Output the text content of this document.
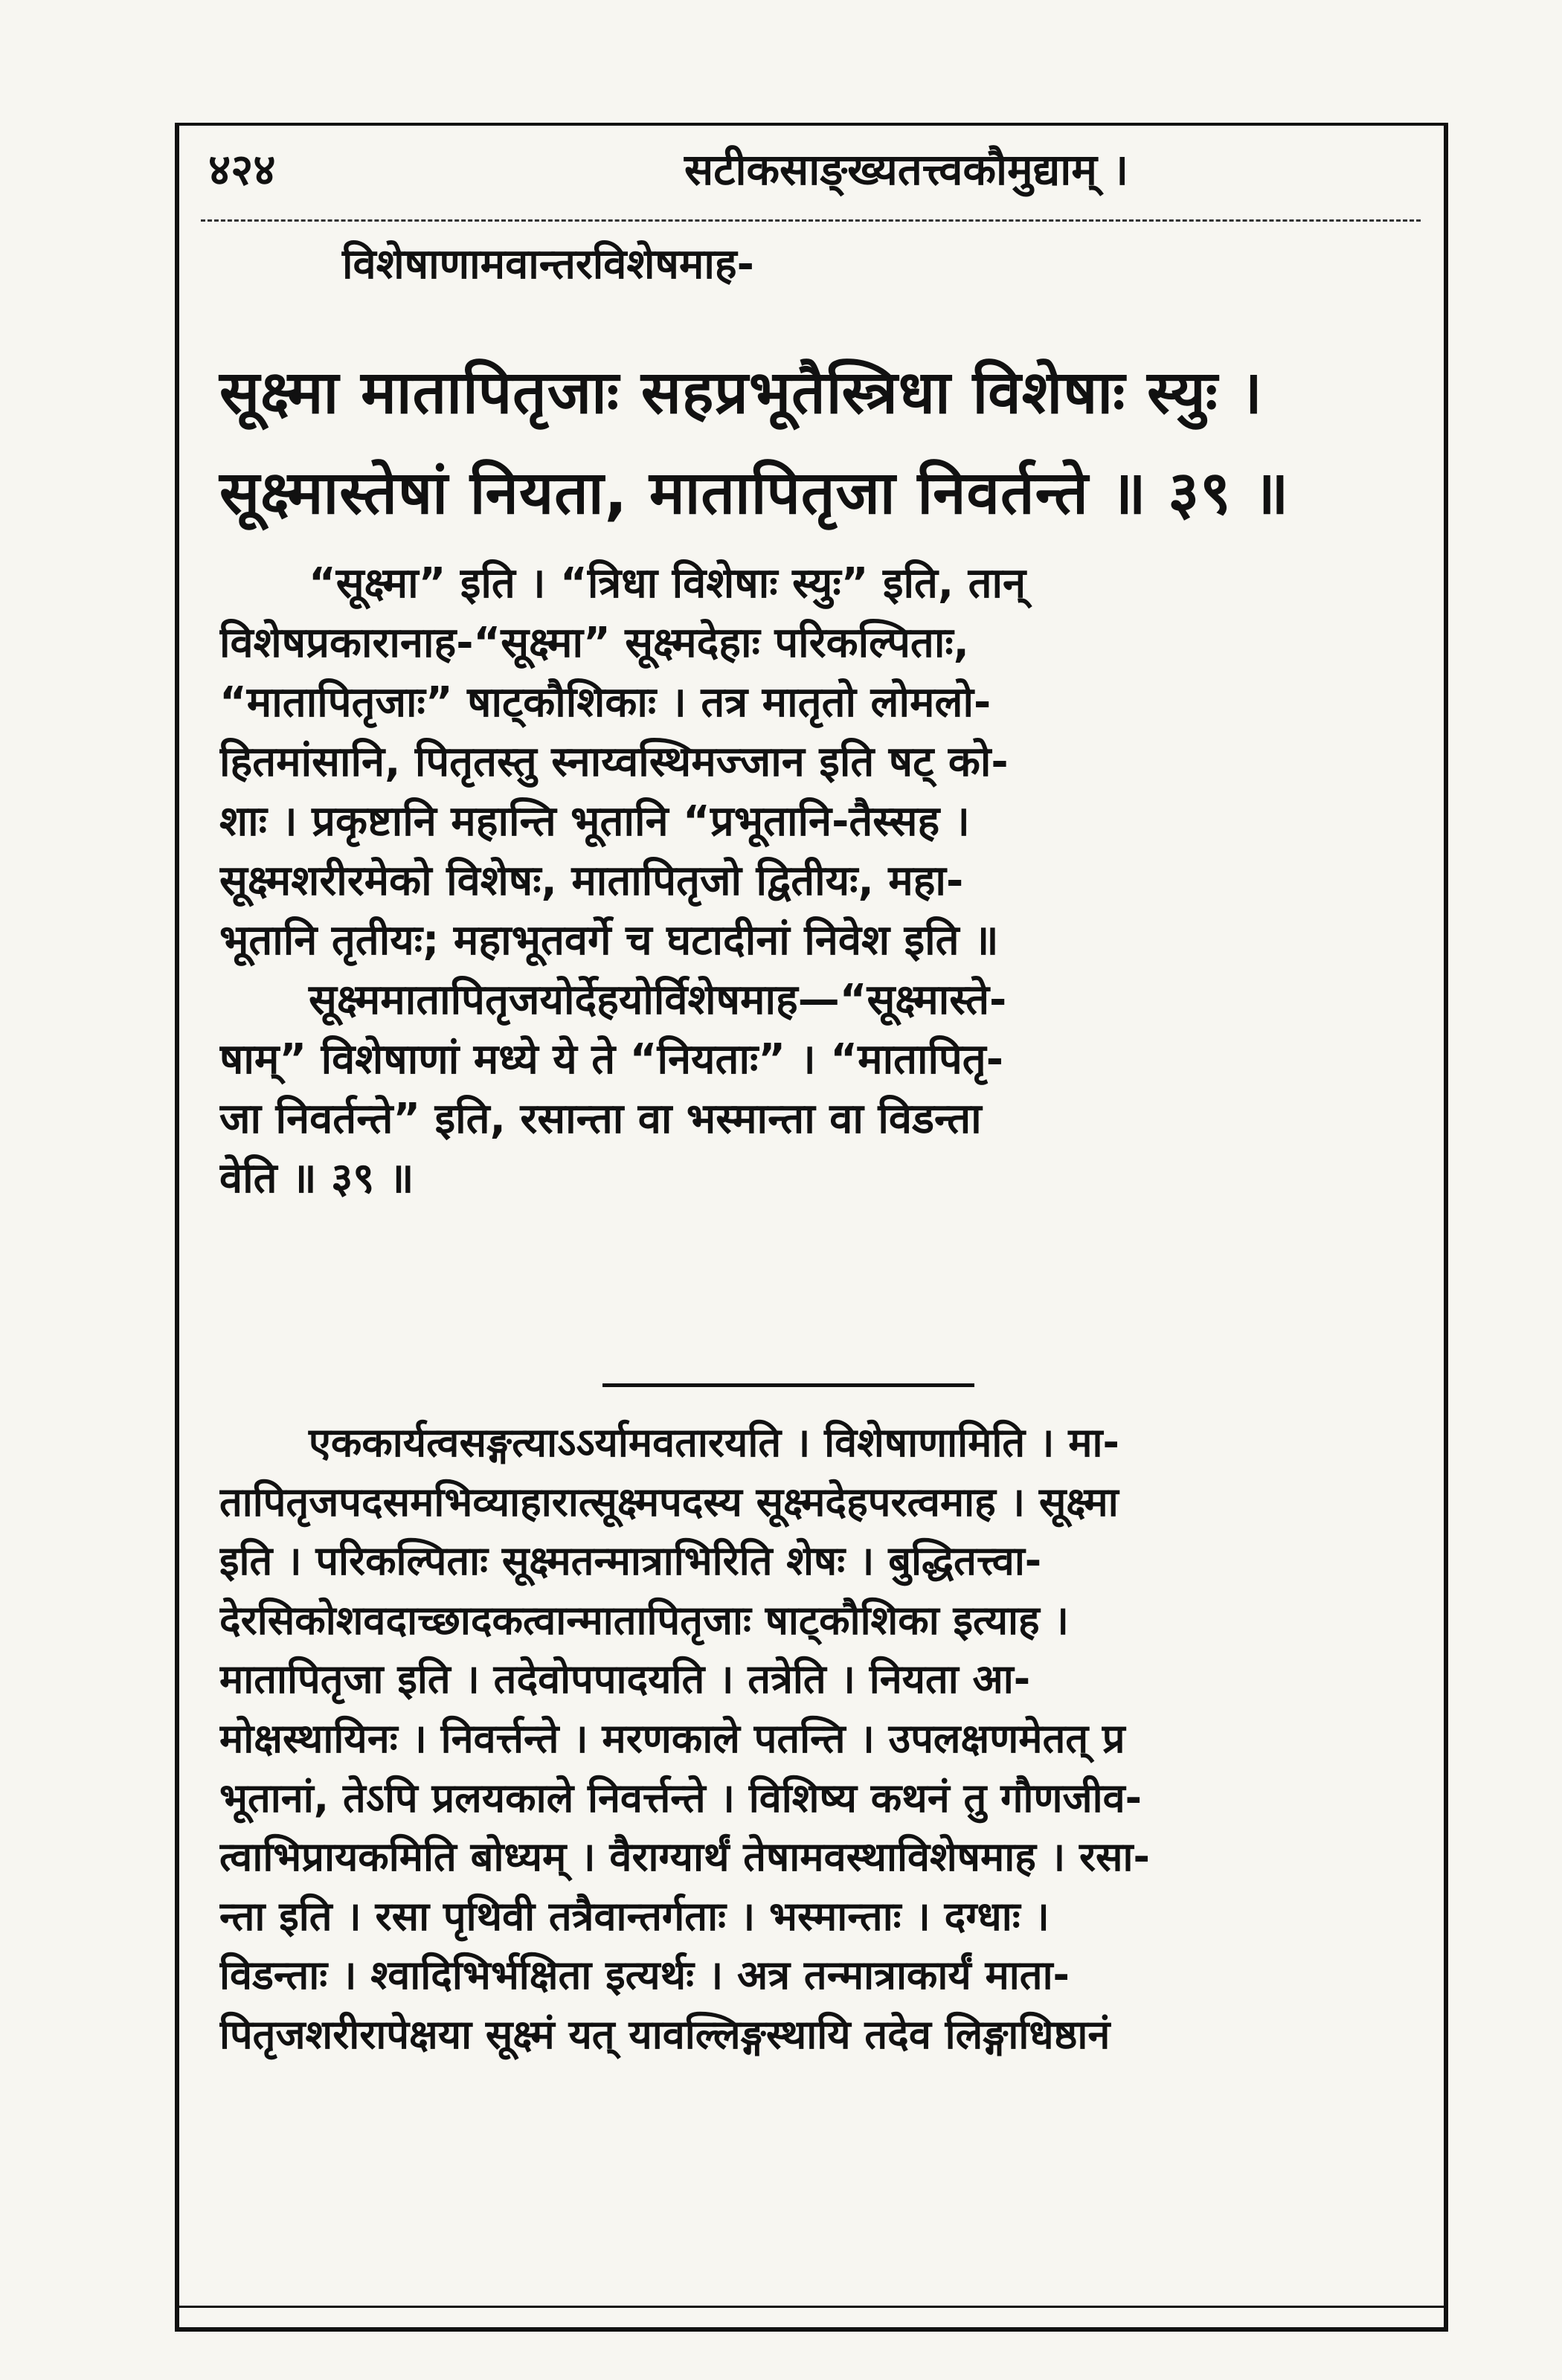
४२४	सटीकसाङ्ख्यतत्त्वकौमुद्याम् ।
विशेषाणामवान्तरविशेषमाह-
सूक्ष्मा मातापितृजाः सहप्रभूतैस्त्रिधा विशेषाः स्युः ।
सूक्ष्मास्तेषां नियता, मातापितृजा निवर्तन्ते ॥ ३९ ॥
“सूक्ष्मा” इति । “त्रिधा विशेषाः स्युः” इति, तान्
विशेषप्रकारानाह-“सूक्ष्मा” सूक्ष्मदेहाः परिकल्पिताः,
“मातापितृजाः” षाट्कौशिकाः । तत्र मातृतो लोमलो-
हितमांसानि, पितृतस्तु स्नाय्वस्थिमज्जान इति षट् को-
शाः । प्रकृष्टानि महान्ति भूतानि “प्रभूतानि-तैस्सह ।
सूक्ष्मशरीरमेको विशेषः, मातापितृजो द्वितीयः, महा-
भूतानि तृतीयः; महाभूतवर्गे च घटादीनां निवेश इति ॥
सूक्ष्ममातापितृजयोर्देहयोर्विशेषमाह—“सूक्ष्मास्ते-
षाम्” विशेषाणां मध्ये ये ते “नियताः” । “मातापितृ-
जा निवर्तन्ते” इति, रसान्ता वा भस्मान्ता वा विडन्ता
वेति ॥ ३९ ॥
एककार्यत्वसङ्गत्याऽऽर्यामवतारयति । विशेषाणामिति । मा-
तापितृजपदसमभिव्याहारात्सूक्ष्मपदस्य सूक्ष्मदेहपरत्वमाह । सूक्ष्मा
इति । परिकल्पिताः सूक्ष्मतन्मात्राभिरिति शेषः । बुद्धितत्त्वा-
देरसिकोशवदाच्छादकत्वान्मातापितृजाः षाट्कौशिका इत्याह ।
मातापितृजा इति । तदेवोपपादयति । तत्रेति । नियता आ-
मोक्षस्थायिनः । निवर्त्तन्ते । मरणकाले पतन्ति । उपलक्षणमेतत् प्र
भूतानां, तेऽपि प्रलयकाले निवर्त्तन्ते । विशिष्य कथनं तु गौणजीव-
त्वाभिप्रायकमिति बोध्यम् । वैराग्यार्थं तेषामवस्थाविशेषमाह । रसा-
न्ता इति । रसा पृथिवी तत्रैवान्तर्गताः । भस्मान्ताः । दग्धाः ।
विडन्ताः । श्वादिभिर्भक्षिता इत्यर्थः । अत्र तन्मात्राकार्यं माता-
पितृजशरीरापेक्षया सूक्ष्मं यत् यावल्लिङ्गस्थायि तदेव लिङ्गाधिष्ठानं
